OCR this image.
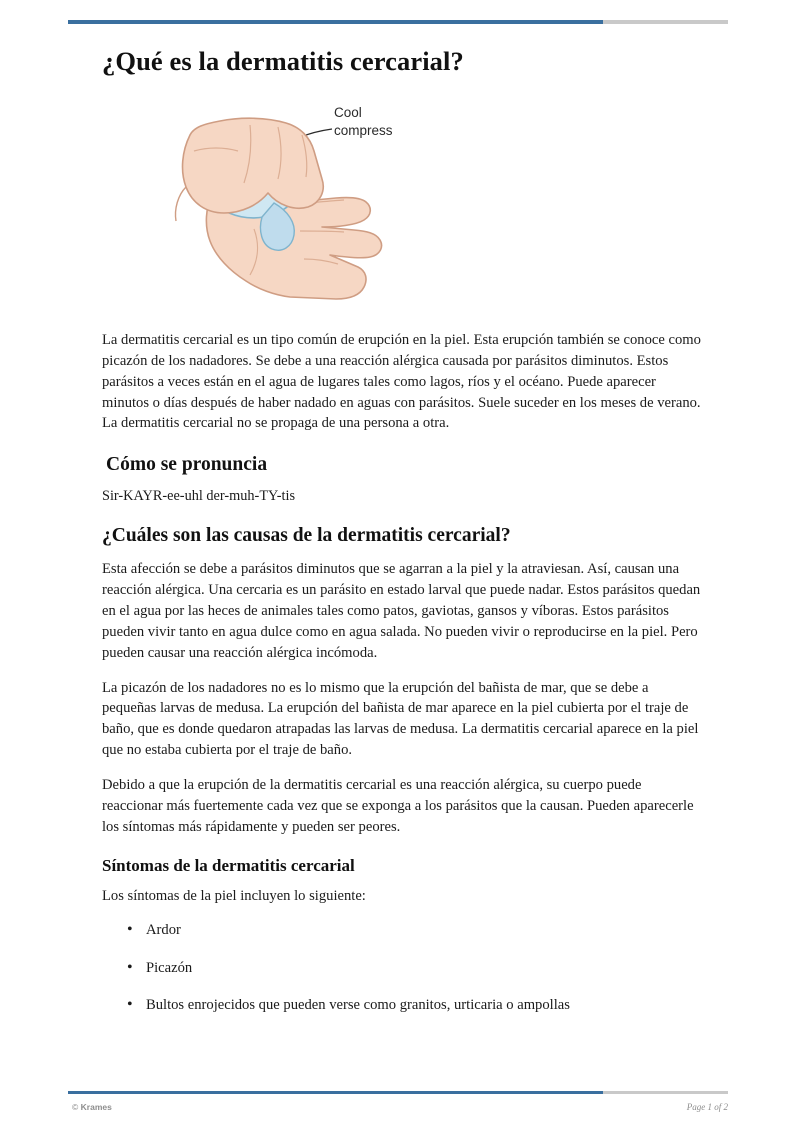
¿Qué es la dermatitis cercarial?
Cool
compress

La dermatitis cercarial es un tipo común de erupción en la piel. Esta erupción también se conoce como picazón de los nadadores. Se debe a una reacción alérgica causada por parásitos diminutos. Estos parásitos a veces están en el agua de lugares tales como lagos, ríos y el océano. Puede aparecer minutos o días después de haber nadado en aguas con parásitos. Suele suceder en los meses de verano. La dermatitis cercarial no se propaga de una persona a otra.

Cómo se pronuncia

Sir-KAYR-ee-uhl der-muh-TY-tis

¿Cuáles son las causas de la dermatitis cercarial?

Esta afección se debe a parásitos diminutos que se agarran a la piel y la atraviesan. Así, causan una reacción alérgica. Una cercaria es un parásito en estado larval que puede nadar. Estos parásitos quedan en el agua por las heces de animales tales como patos, gaviotas, gansos y víboras. Estos parásitos pueden vivir tanto en agua dulce como en agua salada. No pueden vivir o reproducirse en la piel. Pero pueden causar una reacción alérgica incómoda.

La picazón de los nadadores no es lo mismo que la erupción del bañista de mar, que se debe a pequeñas larvas de medusa. La erupción del bañista de mar aparece en la piel cubierta por el traje de baño, que es donde quedaron atrapadas las larvas de medusa. La dermatitis cercarial aparece en la piel que no estaba cubierta por el traje de baño.

Debido a que la erupción de la dermatitis cercarial es una reacción alérgica, su cuerpo puede reaccionar más fuertemente cada vez que se exponga a los parásitos que la causan. Pueden aparecerle los síntomas más rápidamente y pueden ser peores.

Síntomas de la dermatitis cercarial

Los síntomas de la piel incluyen lo siguiente:

• Ardor
• Picazón
• Bultos enrojecidos que pueden verse como granitos, urticaria o ampollas
© Krames	Page 1 of 2
